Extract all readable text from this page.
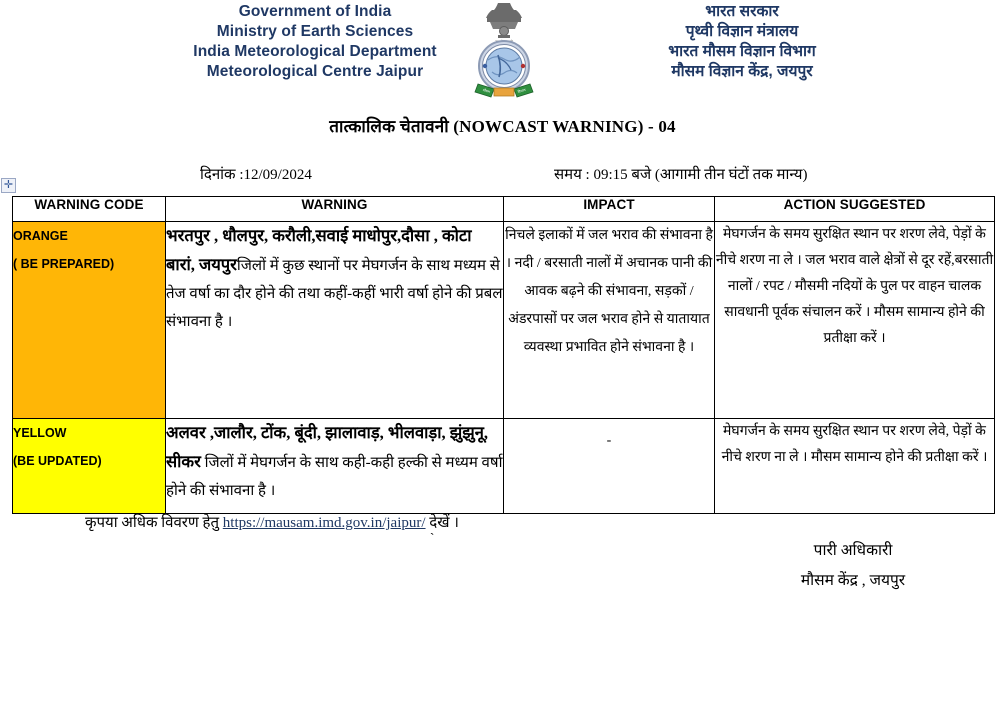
Government of India
Ministry of Earth Sciences
India Meteorological Department
Meteorological Centre Jaipur
मौसम	विभाग
भारत सरकार
पृथ्वी विज्ञान मंत्रालय
भारत मौसम विज्ञान विभाग
मौसम विज्ञान केंद्र, जयपुर
तात्कालिक चेतावनी (NOWCAST WARNING) - 04
दिनांक :12/09/2024	समय : 09:15 बजे (आगामी तीन घंटों तक मान्य)
✛
WARNING CODE	WARNING	IMPACT	ACTION SUGGESTED

ORANGE
( BE PREPARED)	भरतपुर , धौलपुर, करौली,सवाई माधोपुर,दौसा , कोटा बारां, जयपुरजिलों में कुछ स्थानों पर मेघगर्जन के साथ मध्यम से तेज वर्षा का दौर होने की तथा कहीं-कहीं भारी वर्षा होने की प्रबल संभावना है ।	निचले इलाकों में जल भराव की संभावना है । नदी / बरसाती नालों में अचानक पानी की आवक बढ़ने की संभावना, सड़कों / अंडरपासों पर जल भराव होने से यातायात व्यवस्था प्रभावित होने संभावना है ।	मेघगर्जन के समय सुरक्षित स्थान पर शरण लेवे, पेड़ों के नीचे शरण ना ले । जल भराव वाले क्षेत्रों से दूर रहें,बरसाती नालों / रपट / मौसमी नदियों के पुल पर वाहन चालक सावधानी पूर्वक संचालन करें । मौसम सामान्य होने की प्रतीक्षा करें ।

YELLOW
(BE UPDATED)	अलवर ,जालौर, टोंक, बूंदी, झालावाड़, भीलवाड़ा, झुंझुनू, सीकर जिलों में मेघगर्जन के साथ कही-कही हल्की से मध्यम वर्षा होने की संभावना है ।	-	मेघगर्जन के समय सुरक्षित स्थान पर शरण लेवे, पेड़ों के नीचे शरण ना ले । मौसम सामान्य होने की प्रतीक्षा करें ।
कृपया अधिक विवरण हेतु https://mausam.imd.gov.in/jaipur/ देखें ।
`
पारी अधिकारी
मौसम केंद्र , जयपुर
